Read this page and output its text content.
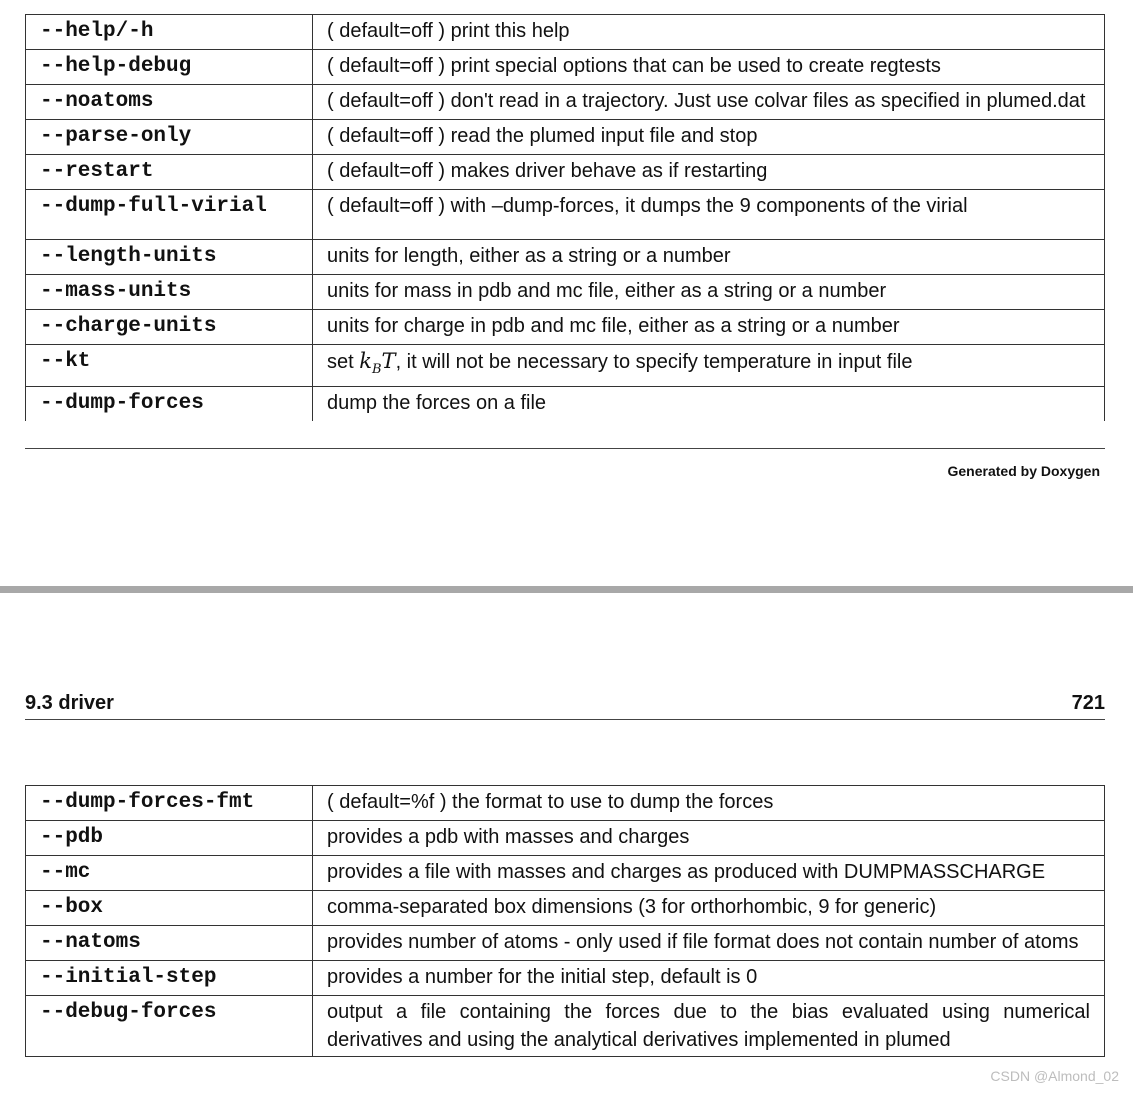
--help/-h	( default=off ) print this help
--help-debug	( default=off ) print special options that can be used to create regtests
--noatoms	( default=off ) don't read in a trajectory. Just use colvar files as specified in plumed.dat
--parse-only	( default=off ) read the plumed input file and stop
--restart	( default=off ) makes driver behave as if restarting
--dump-full-virial	( default=off ) with –dump-forces, it dumps the 9 components of the virial
--length-units	units for length, either as a string or a number
--mass-units	units for mass in pdb and mc file, either as a string or a number
--charge-units	units for charge in pdb and mc file, either as a string or a number
--kt	set $k_BT$, it will not be necessary to specify temperature in input file
--dump-forces	dump the forces on a file
Generated by Doxygen
9.3 driver	721
--dump-forces-fmt	( default=%f ) the format to use to dump the forces
--pdb	provides a pdb with masses and charges
--mc	provides a file with masses and charges as produced with DUMPMASSCHARGE
--box	comma-separated box dimensions (3 for orthorhombic, 9 for generic)
--natoms	provides number of atoms - only used if file format does not contain number of atoms
--initial-step	provides a number for the initial step, default is 0
--debug-forces	output a file containing the forces due to the bias evaluated using numerical derivatives and using the analytical derivatives implemented in plumed
CSDN @Almond_02
